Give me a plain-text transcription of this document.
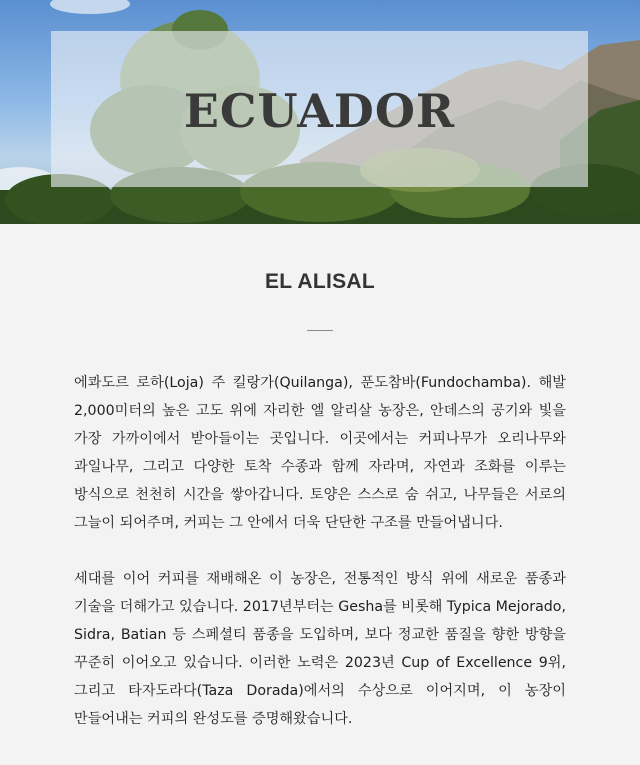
ECUADOR
EL ALISAL

에콰도르 로하(Loja) 주 킬랑가(Quilanga), 푼도참바(Fundochamba). 해발 2,000미터의 높은 고도 위에 자리한 엘 알리살 농장은, 안데스의 공기와 빛을 가장 가까이에서 받아들이는 곳입니다. 이곳에서는 커피나무가 오리나무와 과일나무, 그리고 다양한 토착 수종과 함께 자라며, 자연과 조화를 이루는 방식으로 천천히 시간을 쌓아갑니다. 토양은 스스로 숨 쉬고, 나무들은 서로의 그늘이 되어주며, 커피는 그 안에서 더욱 단단한 구조를 만들어냅니다.

세대를 이어 커피를 재배해온 이 농장은, 전통적인 방식 위에 새로운 품종과 기술을 더해가고 있습니다. 2017년부터는 Gesha를 비롯해 Typica Mejorado, Sidra, Batian 등 스페셜티 품종을 도입하며, 보다 정교한 품질을 향한 방향을 꾸준히 이어오고 있습니다. 이러한 노력은 2023년 Cup of Excellence 9위, 그리고 타자도라다(Taza Dorada)에서의 수상으로 이어지며, 이 농장이 만들어내는 커피의 완성도를 증명해왔습니다.
